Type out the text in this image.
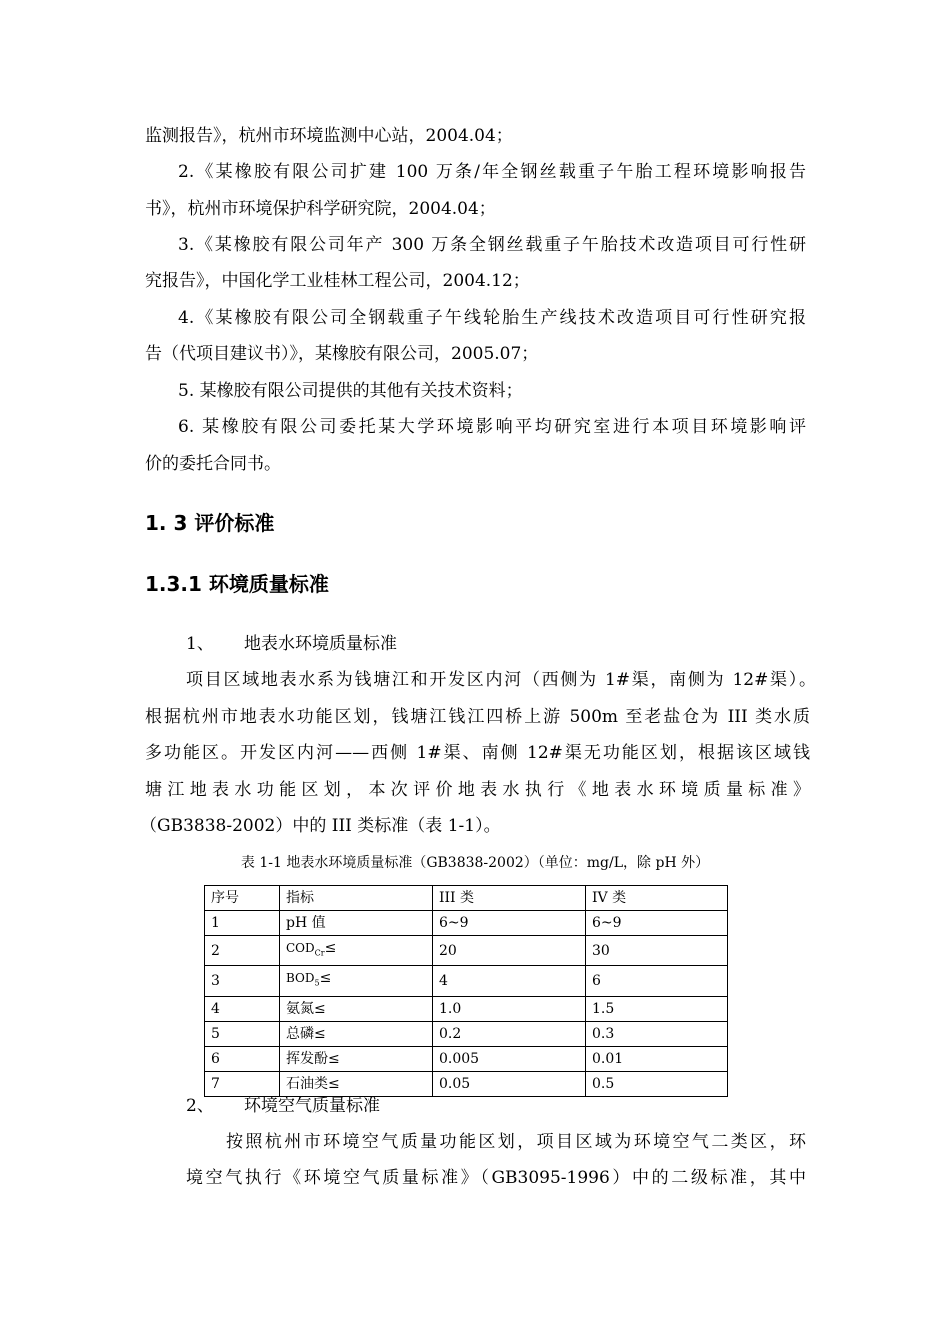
监测报告》，杭州市环境监测中心站，2004.04；
2.《某橡胶有限公司扩建 100 万条/年全钢丝载重子午胎工程环境影响报告
书》，杭州市环境保护科学研究院，2004.04；
3.《某橡胶有限公司年产 300 万条全钢丝载重子午胎技术改造项目可行性研
究报告》，中国化学工业桂林工程公司，2004.12；
4.《某橡胶有限公司全钢载重子午线轮胎生产线技术改造项目可行性研究报
告（代项目建议书）》，某橡胶有限公司，2005.07；
5. 某橡胶有限公司提供的其他有关技术资料；
6. 某橡胶有限公司委托某大学环境影响平均研究室进行本项目环境影响评
价的委托合同书。
1. 3 评价标准
1.3.1 环境质量标准
1、 地表水环境质量标准
项目区域地表水系为钱塘江和开发区内河（西侧为 1#渠，南侧为 12#渠）。
根据杭州市地表水功能区划，钱塘江钱江四桥上游 500m 至老盐仓为 III 类水质
多功能区。开发区内河——西侧 1#渠、南侧 12#渠无功能区划，根据该区域钱
塘江地表水功能区划，本次评价地表水执行《地表水环境质量标准》
（GB3838-2002）中的 III 类标准（表 1-1）。
表 1-1 地表水环境质量标准（GB3838-2002）（单位：mg/L，除 pH 外）
序号	指标	III 类	IV 类
1	pH 值	6~9	6~9
2	$COD_{Cr}\le$	20	30
3	$BOD_5\le$	4	6
4	氨氮≤	1.0	1.5
5	总磷≤	0.2	0.3
6	挥发酚≤	0.005	0.01
7	石油类≤	0.05	0.5
2、 环境空气质量标准
按照杭州市环境空气质量功能区划，项目区域为环境空气二类区，环
境空气执行《环境空气质量标准》（GB3095-1996）中的二级标准，其中
